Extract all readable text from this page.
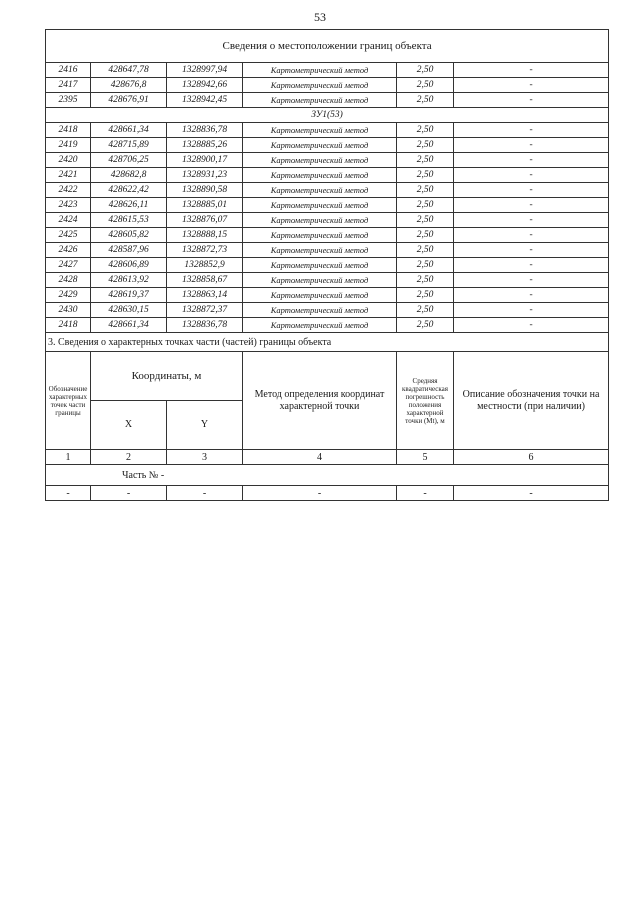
53
Сведения о местоположении границ объекта					
2416	428647,78	1328997,94	Картометрический метод	2,50	-
2417	428676,8	1328942,66	Картометрический метод	2,50	-
2395	428676,91	1328942,45	Картометрический метод	2,50	-
ЗУ1(53)					
2418	428661,34	1328836,78	Картометрический метод	2,50	-
2419	428715,89	1328885,26	Картометрический метод	2,50	-
2420	428706,25	1328900,17	Картометрический метод	2,50	-
2421	428682,8	1328931,23	Картометрический метод	2,50	-
2422	428622,42	1328890,58	Картометрический метод	2,50	-
2423	428626,11	1328885,01	Картометрический метод	2,50	-
2424	428615,53	1328876,07	Картометрический метод	2,50	-
2425	428605,82	1328888,15	Картометрический метод	2,50	-
2426	428587,96	1328872,73	Картометрический метод	2,50	-
2427	428606,89	1328852,9	Картометрический метод	2,50	-
2428	428613,92	1328858,67	Картометрический метод	2,50	-
2429	428619,37	1328863,14	Картометрический метод	2,50	-
2430	428630,15	1328872,37	Картометрический метод	2,50	-
2418	428661,34	1328836,78	Картометрический метод	2,50	-
3. Сведения о характерных точках части (частей) границы объекта					
Обозначение характерных точек части границы	Координаты, м		Метод определения координат характерной точки	Средняя квадратическая погрешность положения характерной точки (Mt), м	Описание обозначения точки на местности (при наличии)
	X	Y			
1	2	3	4	5	6
Часть № -					
-	-	-	-	-	-
